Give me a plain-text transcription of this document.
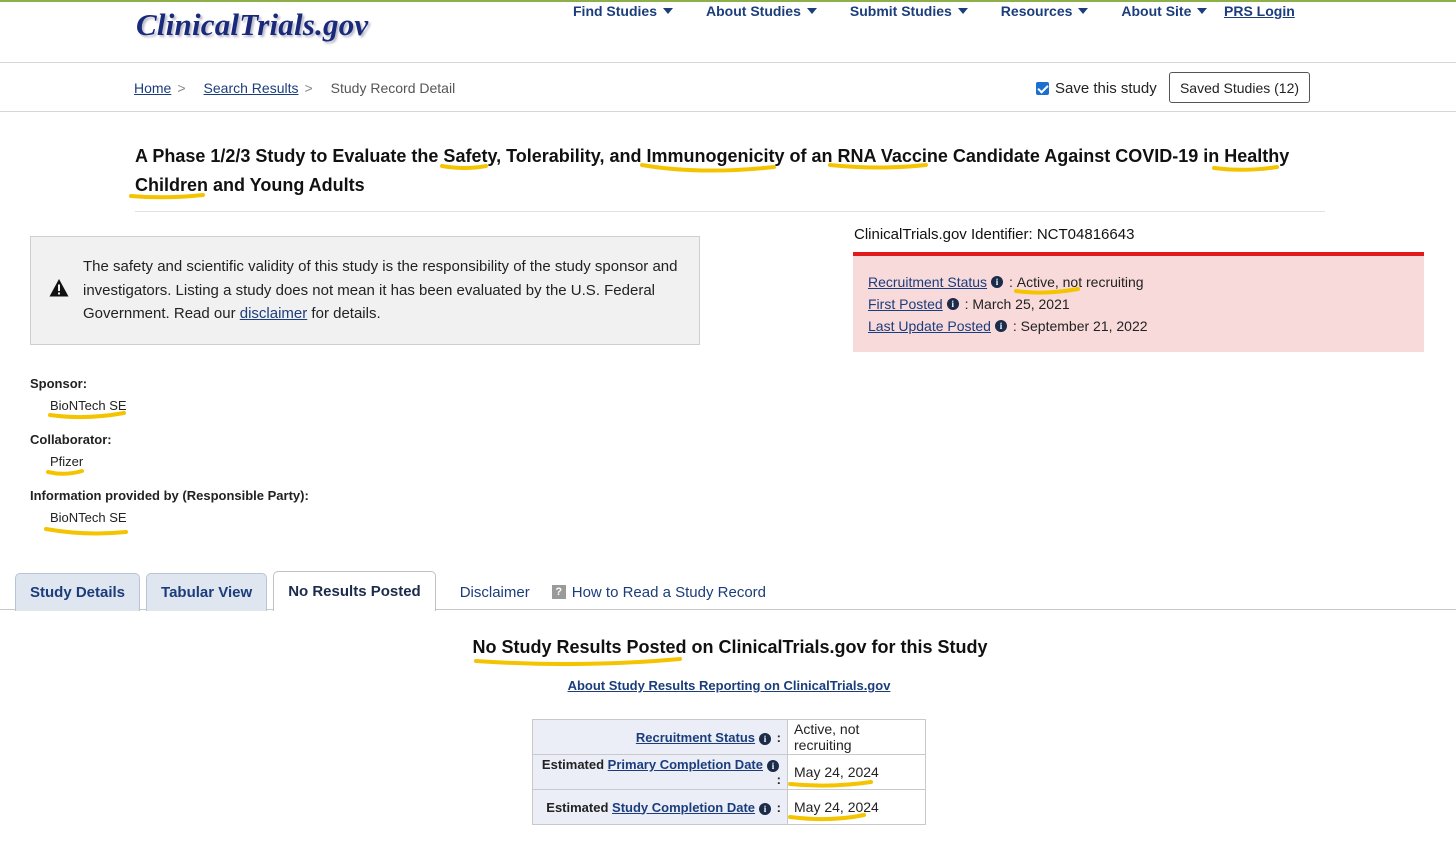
ClinicalTrials.gov	Find Studies	About Studies	Submit Studies	Resources	About Site PRS Login
Home > Search Results > Study Record Detail	Save this study	Saved Studies (12)
A Phase 1/2/3 Study to Evaluate the Safety, Tolerability, and Immunogenicity of an RNA Vaccine Candidate Against COVID-19 in Healthy Children and Young Adults
The safety and scientific validity of this study is the responsibility of the study sponsor and investigators. Listing a study does not mean it has been evaluated by the U.S. Federal Government. Read our disclaimer for details.
ClinicalTrials.gov Identifier: NCT04816643
Recruitment Status i : Active, not recruiting
First Posted i : March 25, 2021
Last Update Posted i : September 21, 2022
Sponsor:
BioNTech SE
Collaborator:
Pfizer
Information provided by (Responsible Party):
BioNTech SE
Study Details	Tabular View	No Results Posted	Disclaimer	? How to Read a Study Record
No Study Results Posted on ClinicalTrials.gov for this Study
About Study Results Reporting on ClinicalTrials.gov
Recruitment Status i :	Active, not recruiting
Estimated Primary Completion Date i :	May 24, 2024
Estimated Study Completion Date i :	May 24, 2024
